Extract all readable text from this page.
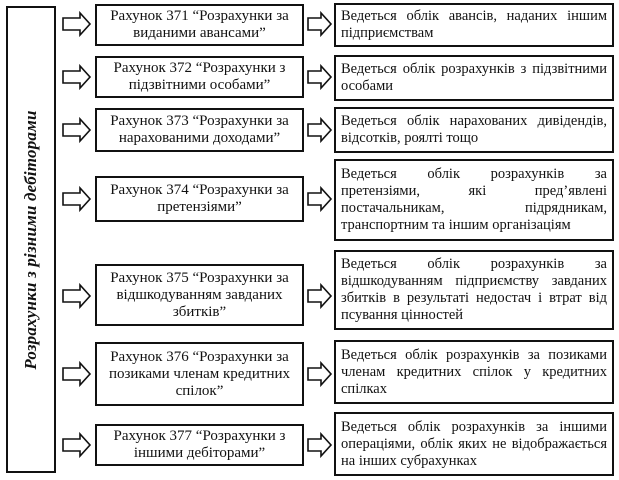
Розрахунки з різними дебіторами
Рахунок 371 “Розрахунки за виданими авансами”
Рахунок 372 “Розрахунки з підзвітними особами”
Рахунок 373 “Розрахунки за нарахованими доходами”
Рахунок 374 “Розрахунки за претензіями”
Рахунок 375 “Розрахунки за відшкодуванням завданих збитків”
Рахунок 376 “Розрахунки за позиками членам кредитних спілок”
Рахунок 377 “Розрахунки з іншими дебіторами”
Ведеться облік авансів, наданих іншим підприємствам
Ведеться облік розрахунків з підзвітними особами
Ведеться облік нарахованих дивідендів, відсотків, роялті тощо
Ведеться облік розрахунків за претензіями, які пред’явлені постачальникам, підрядникам, транспортним та іншим організаціям
Ведеться облік розрахунків за відшкодуванням підприємству завданих збитків в результаті недостач і втрат від псування цінностей
Ведеться облік розрахунків за позиками членам кредитних спілок у кредитних спілках
Ведеться облік розрахунків за іншими операціями, облік яких не відображається на інших субрахунках
